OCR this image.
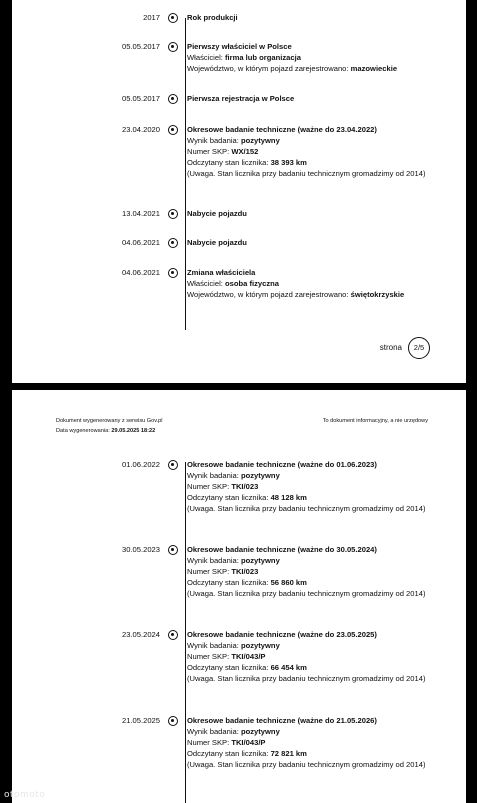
2017	Rok produkcji
05.05.2017	Pierwszy właściciel w Polsce
Właściciel: firma lub organizacja
Województwo, w którym pojazd zarejestrowano: mazowieckie
05.05.2017	Pierwsza rejestracja w Polsce
23.04.2020	Okresowe badanie techniczne (ważne do 23.04.2022)
Wynik badania: pozytywny
Numer SKP: WX/152
Odczytany stan licznika: 38 393 km
(Uwaga. Stan licznika przy badaniu technicznym gromadzimy od 2014)
13.04.2021	Nabycie pojazdu
04.06.2021	Nabycie pojazdu
04.06.2021	Zmiana właściciela
Właściciel: osoba fizyczna
Województwo, w którym pojazd zarejestrowano: świętokrzyskie
strona 2/5
Dokument wygenerowany z serwisu Gov.pl
Data wygenerowania: 29.05.2025 18:22
To dokument informacyjny, a nie urzędowy
01.06.2022	Okresowe badanie techniczne (ważne do 01.06.2023)
Wynik badania: pozytywny
Numer SKP: TKI/023
Odczytany stan licznika: 48 128 km
(Uwaga. Stan licznika przy badaniu technicznym gromadzimy od 2014)
30.05.2023	Okresowe badanie techniczne (ważne do 30.05.2024)
Wynik badania: pozytywny
Numer SKP: TKI/023
Odczytany stan licznika: 56 860 km
(Uwaga. Stan licznika przy badaniu technicznym gromadzimy od 2014)
23.05.2024	Okresowe badanie techniczne (ważne do 23.05.2025)
Wynik badania: pozytywny
Numer SKP: TKI/043/P
Odczytany stan licznika: 66 454 km
(Uwaga. Stan licznika przy badaniu technicznym gromadzimy od 2014)
21.05.2025	Okresowe badanie techniczne (ważne do 21.05.2026)
Wynik badania: pozytywny
Numer SKP: TKI/043/P
Odczytany stan licznika: 72 821 km
(Uwaga. Stan licznika przy badaniu technicznym gromadzimy od 2014)
otomoto
